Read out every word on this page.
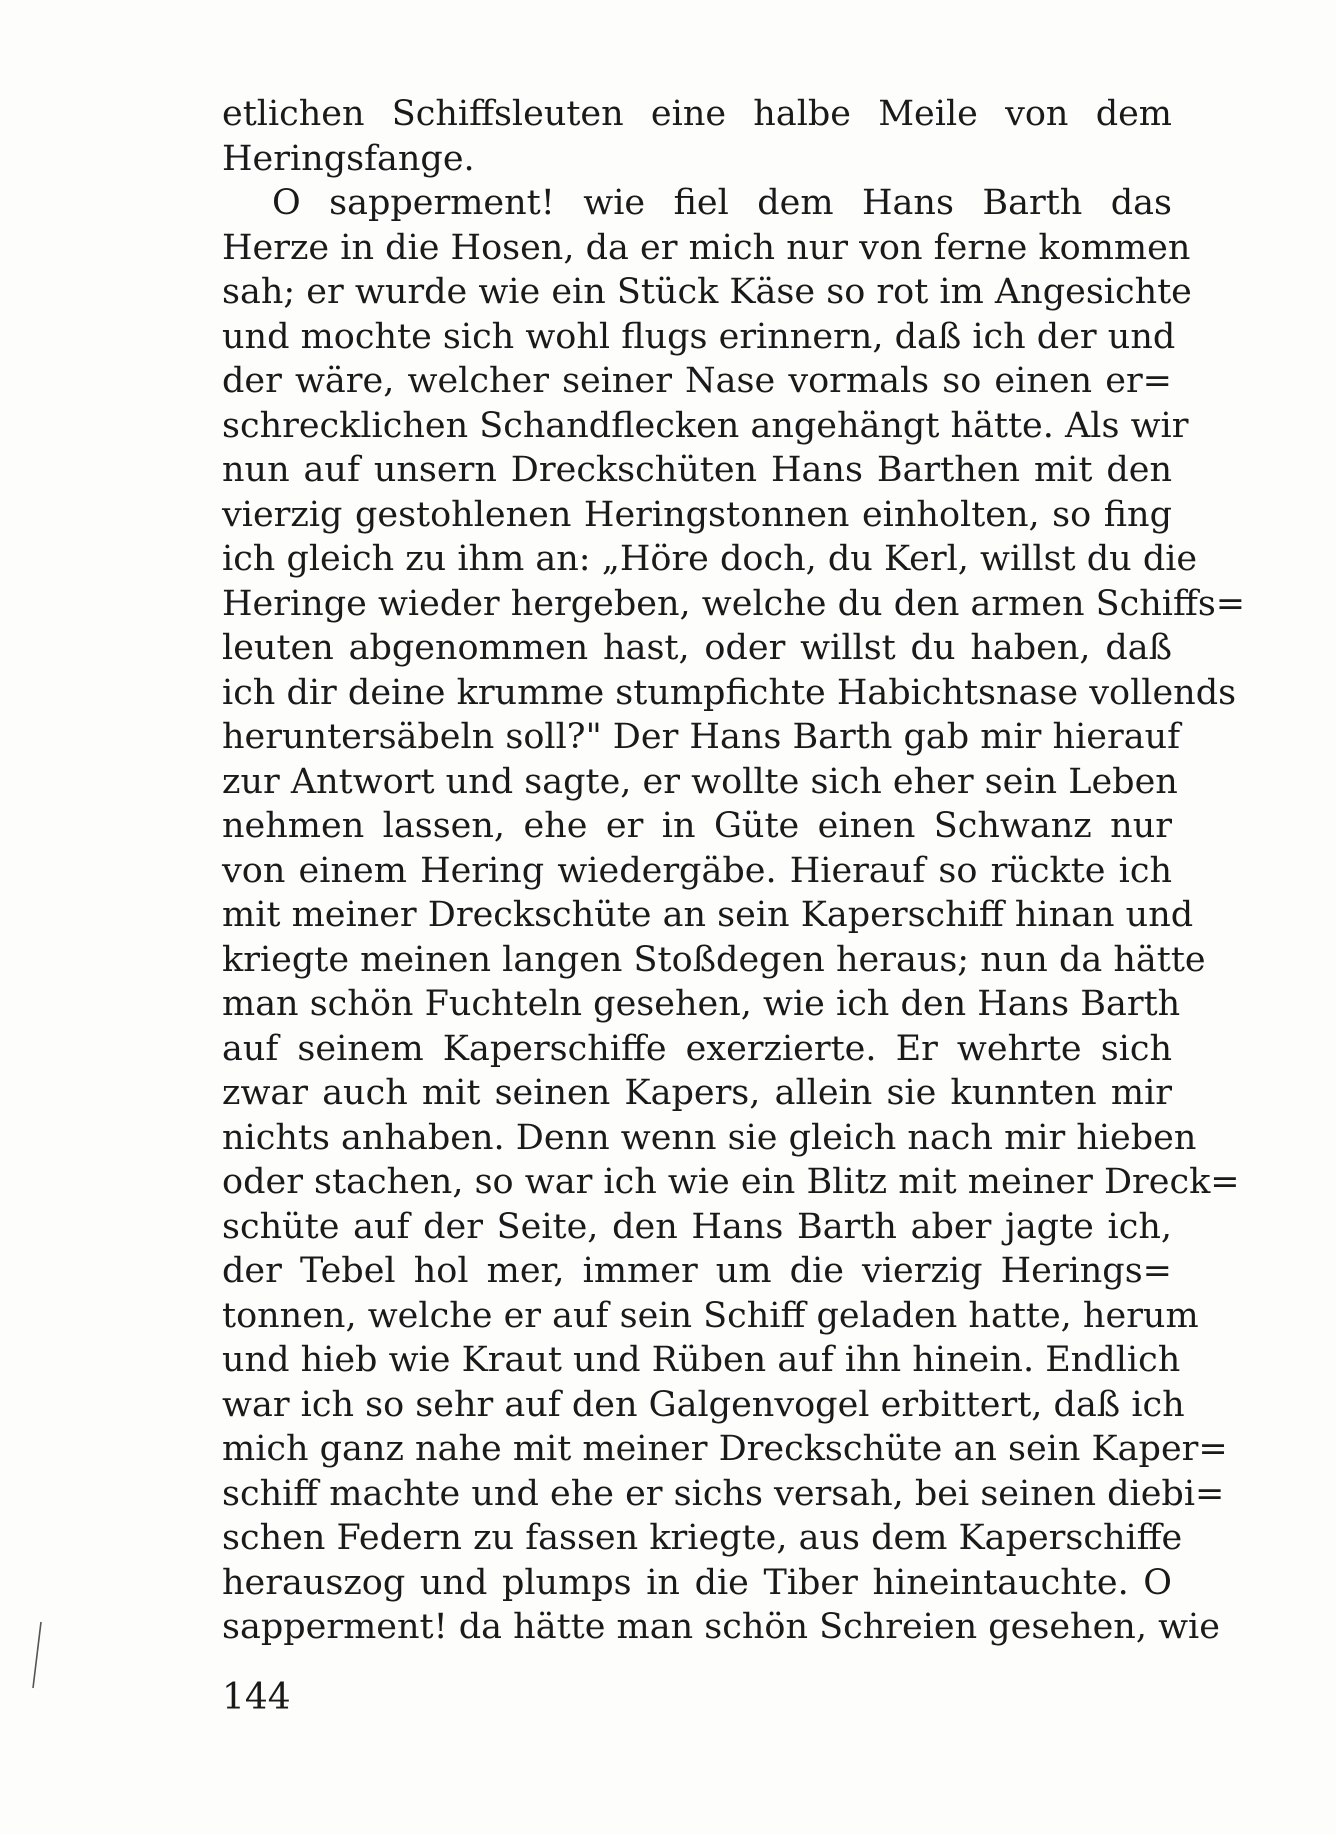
etlichen Schiffsleuten eine halbe Meile von dem
Heringsfange.
O sapperment! wie fiel dem Hans Barth das
Herze in die Hosen, da er mich nur von ferne kommen
sah; er wurde wie ein Stück Käse so rot im Angesichte
und mochte sich wohl flugs erinnern, daß ich der und
der wäre, welcher seiner Nase vormals so einen er=
schrecklichen Schandflecken angehängt hätte. Als wir
nun auf unsern Dreckschüten Hans Barthen mit den
vierzig gestohlenen Heringstonnen einholten, so fing
ich gleich zu ihm an: „Höre doch, du Kerl, willst du die
Heringe wieder hergeben, welche du den armen Schiffs=
leuten abgenommen hast, oder willst du haben, daß
ich dir deine krumme stumpfichte Habichtsnase vollends
heruntersäbeln soll?" Der Hans Barth gab mir hierauf
zur Antwort und sagte, er wollte sich eher sein Leben
nehmen lassen, ehe er in Güte einen Schwanz nur
von einem Hering wiedergäbe. Hierauf so rückte ich
mit meiner Dreckschüte an sein Kaperschiff hinan und
kriegte meinen langen Stoßdegen heraus; nun da hätte
man schön Fuchteln gesehen, wie ich den Hans Barth
auf seinem Kaperschiffe exerzierte. Er wehrte sich
zwar auch mit seinen Kapers, allein sie kunnten mir
nichts anhaben. Denn wenn sie gleich nach mir hieben
oder stachen, so war ich wie ein Blitz mit meiner Dreck=
schüte auf der Seite, den Hans Barth aber jagte ich,
der Tebel hol mer, immer um die vierzig Herings=
tonnen, welche er auf sein Schiff geladen hatte, herum
und hieb wie Kraut und Rüben auf ihn hinein. Endlich
war ich so sehr auf den Galgenvogel erbittert, daß ich
mich ganz nahe mit meiner Dreckschüte an sein Kaper=
schiff machte und ehe er sichs versah, bei seinen diebi=
schen Federn zu fassen kriegte, aus dem Kaperschiffe
herauszog und plumps in die Tiber hineintauchte. O
sapperment! da hätte man schön Schreien gesehen, wie
144
